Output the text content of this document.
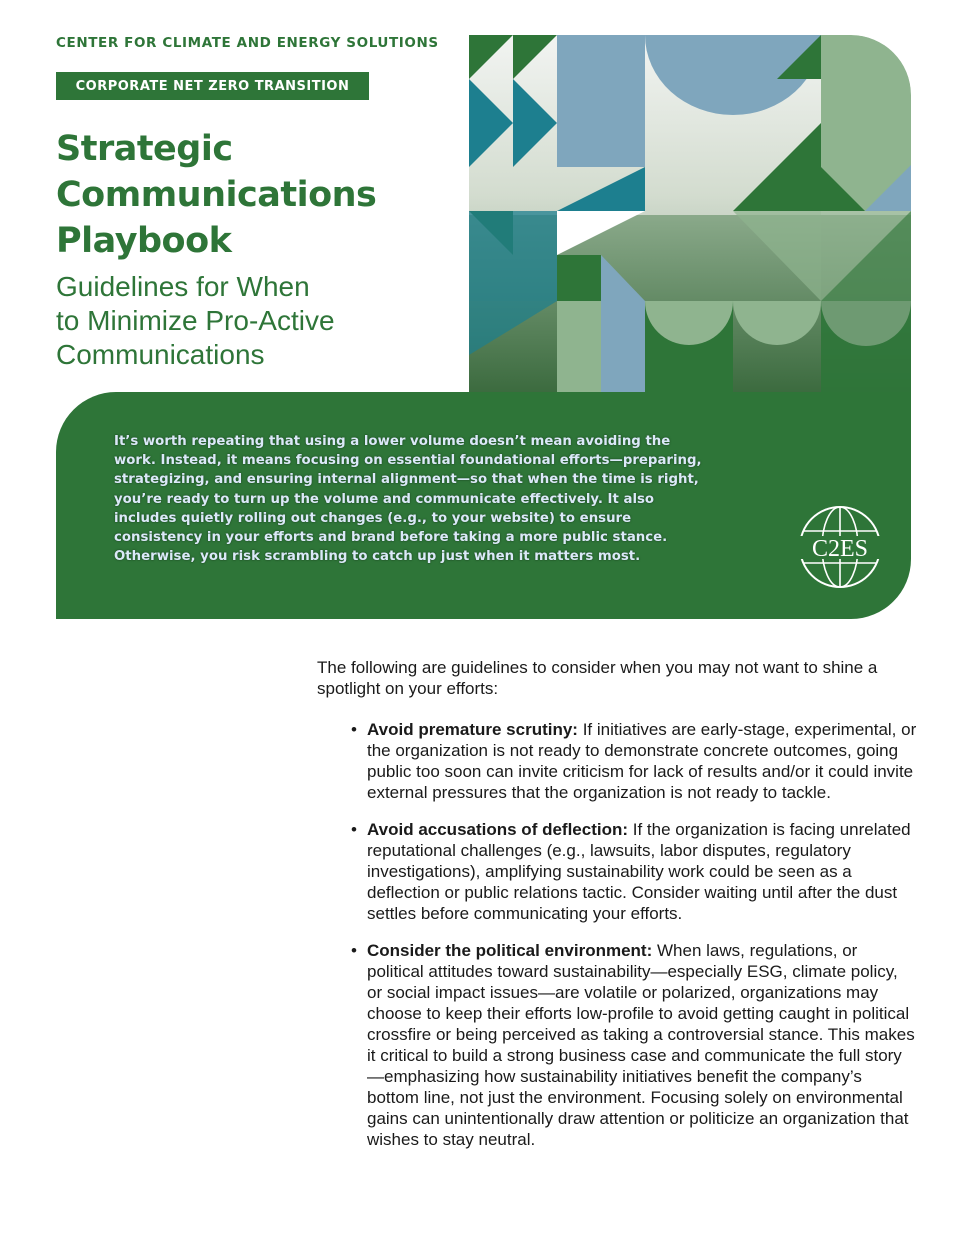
CENTER FOR CLIMATE AND ENERGY SOLUTIONS
CORPORATE NET ZERO TRANSITION
Strategic
Communications
Playbook
Guidelines for When
to Minimize Pro-Active
Communications

It’s worth repeating that using a lower volume doesn’t mean avoiding the work. Instead, it means focusing on essential foundational efforts—preparing, strategizing, and ensuring internal alignment—so that when the time is right, you’re ready to turn up the volume and communicate effectively. It also includes quietly rolling out changes (e.g., to your website) to ensure consistency in your efforts and brand before taking a more public stance. Otherwise, you risk scrambling to catch up just when it matters most.	C2ES

The following are guidelines to consider when you may not want to shine a spotlight on your efforts:

• Avoid premature scrutiny: If initiatives are early-stage, experimental, or the organization is not ready to demonstrate concrete outcomes, going public too soon can invite criticism for lack of results and/or it could invite external pressures that the organization is not ready to tackle.
• Avoid accusations of deflection: If the organization is facing unrelated reputational challenges (e.g., lawsuits, labor disputes, regulatory investigations), amplifying sustainability work could be seen as a deflection or public relations tactic. Consider waiting until after the dust settles before communicating your efforts.
• Consider the political environment: When laws, regulations, or political attitudes toward sustainability—especially ESG, climate policy, or social impact issues—are volatile or polarized, organizations may choose to keep their efforts low-profile to avoid getting caught in political crossfire or being perceived as taking a controversial stance. This makes it critical to build a strong business case and communicate the full story—emphasizing how sustainability initiatives benefit the company’s bottom line, not just the environment. Focusing solely on environmental gains can unintentionally draw attention or politicize an organization that wishes to stay neutral.
